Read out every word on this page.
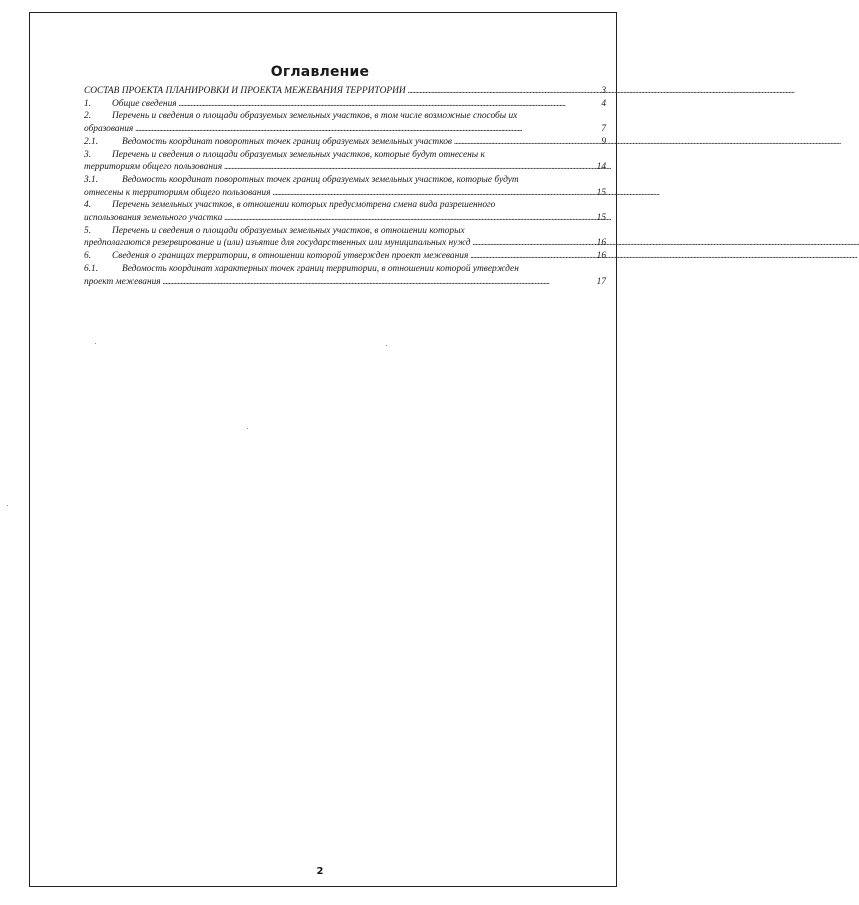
Оглавление
СОСТАВ ПРОЕКТА ПЛАНИРОВКИ И ПРОЕКТА МЕЖЕВАНИЯ ТЕРРИТОРИИ . . .	3
1. Общие сведения . . .	4
2. Перечень и сведения о площади образуемых земельных участков, в том числе возможные способы их
образования . . .	7
2.1.	Ведомость координат поворотных точек границ образуемых земельных участков . . .	9
3. Перечень и сведения о площади образуемых земельных участков, которые будут отнесены к
территориям общего пользования . . .	14
3.1.	Ведомость координат поворотных точек границ образуемых земельных участков, которые будут
отнесены к территориям общего пользования . . .	15
4. Перечень земельных участков, в отношении которых предусмотрена смена вида разрешенного
использования земельного участка . . .	15
5. Перечень и сведения о площади образуемых земельных участков, в отношении которых
предполагаются резервирование и (или) изъятие для государственных или муниципальных нужд . . .	16
6. Сведения о границах территории, в отношении которой утвержден проект межевания . . .	16
6.1.	Ведомость координат характерных точек границ территории, в отношении которой утвержден
проект межевания . . .	17
2
